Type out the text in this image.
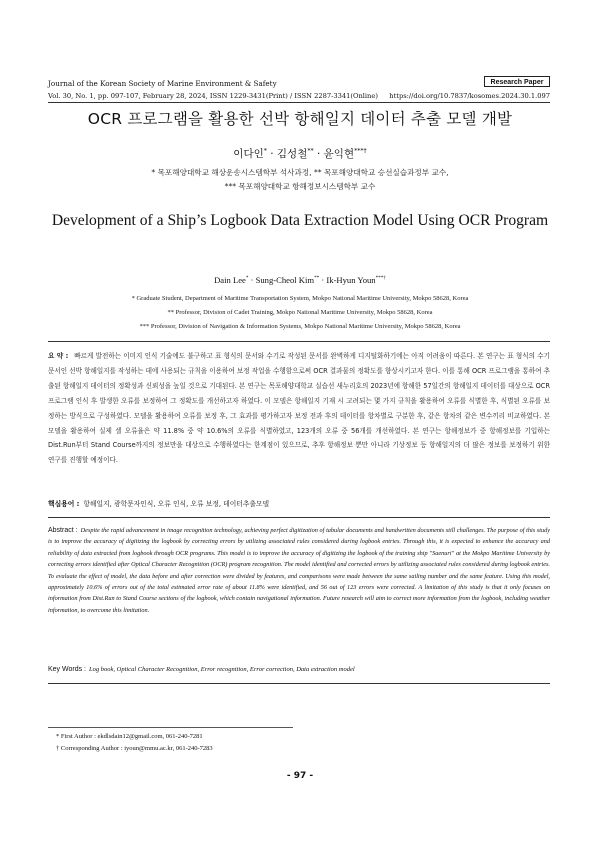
Journal of the Korean Society of Marine Environment & Safety	Research Paper
Vol. 30, No. 1, pp. 097-107, February 28, 2024, ISSN 1229-3431(Print) / ISSN 2287-3341(Online) https://doi.org/10.7837/kosomes.2024.30.1.097
OCR 프로그램을 활용한 선박 항해일지 데이터 추출 모델 개발
이다인* · 김성철** · 윤익현***†
* 목포해양대학교 해상운송시스템학부 석사과정, ** 목포해양대학교 승선실습과정부 교수,
*** 목포해양대학교 항해정보시스템학부 교수
Development of a Ship’s Logbook Data Extraction Model Using OCR Program
Dain Lee* · Sung-Cheol Kim** · Ik-Hyun Youn***†
* Graduate Student, Department of Maritime Transportation System, Mokpo National Maritime University, Mokpo 58628, Korea
** Professor, Division of Cadet Training, Mokpo National Maritime University, Mokpo 58628, Korea
*** Professor, Division of Navigation & Information Systems, Mokpo National Maritime University, Mokpo 58628, Korea
요 약 : 빠르게 발전하는 이미지 인식 기술에도 불구하고 표 형식의 문서와 수기로 작성된 문서를 완벽하게 디지털화하기에는 아직 어려움이 따른다. 본 연구는 표 형식의 수기 문서인 선박 항해일지를 작성하는 데에 사용되는 규칙을 이용하여 보정 작업을 수행함으로써 OCR 결과물의 정확도를 향상시키고자 한다. 이를 통해 OCR 프로그램을 통하여 추출된 항해일지 데이터의 정확성과 신뢰성을 높일 것으로 기대된다. 본 연구는 목포해양대학교 실습선 새누리호의 2023년에 항해한 57일간의 항해일지 데이터를 대상으로 OCR 프로그램 인식 후 발생한 오류를 보정하여 그 정확도를 개선하고자 하였다. 이 모델은 항해일지 기재 시 고려되는 몇 가지 규칙을 활용하여 오류를 식별한 후, 식별된 오류를 보정하는 방식으로 구성하였다. 모델을 활용하여 오류를 보정 후, 그 효과를 평가하고자 보정 전과 후의 데이터를 항차별로 구분한 후, 같은 항차의 같은 변수끼리 비교하였다. 본 모델을 활용하여 실제 셀 오류율은 약 11.8% 중 약 10.6%의 오류를 식별하였고, 123개의 오류 중 56개를 개선하였다. 본 연구는 항해정보가 중 항해정보를 기입하는 Dist.Run부터 Stand Course까지의 정보만을 대상으로 수행하였다는 한계점이 있으므로, 추후 항해정보 뿐만 아니라 기상정보 등 항해일지의 더 많은 정보를 보정하기 위한 연구를 진행할 예정이다.
핵심용어 : 항해일지, 광학문자인식, 오류 인식, 오류 보정, 데이터추출모델
Abstract : Despite the rapid advancement in image recognition technology, achieving perfect digitization of tabular documents and handwritten documents still challenges. The purpose of this study is to improve the accuracy of digitizing the logbook by correcting errors by utilizing associated rules considered during logbook entries. Through this, it is expected to enhance the accuracy and reliability of data extracted from logbook through OCR programs. This model is to improve the accuracy of digitizing the logbook of the training ship "Saenuri" at the Mokpo Maritime University by correcting errors identified after Optical Character Recognition (OCR) program recognition. The model identified and corrected errors by utilizing associated rules considered during logbook entries. To evaluate the effect of model, the data before and after correction were divided by features, and comparisons were made between the same sailing number and the same feature. Using this model, approximately 10.6% of errors out of the total estimated error rate of about 11.8% were identified, and 56 out of 123 errors were corrected. A limitation of this study is that it only focuses on information from Dist.Run to Stand Course sections of the logbook, which contain navigational information. Future research will aim to correct more information from the logbook, including weather information, to overcome this limitation.
Key Words : Log book, Optical Character Recognition, Error recognition, Error correction, Data extraction model
* First Author : ekdlsdain12@gmail.com, 061-240-7281
† Corresponding Author : iyoun@mmu.ac.kr, 061-240-7283
- 97 -
